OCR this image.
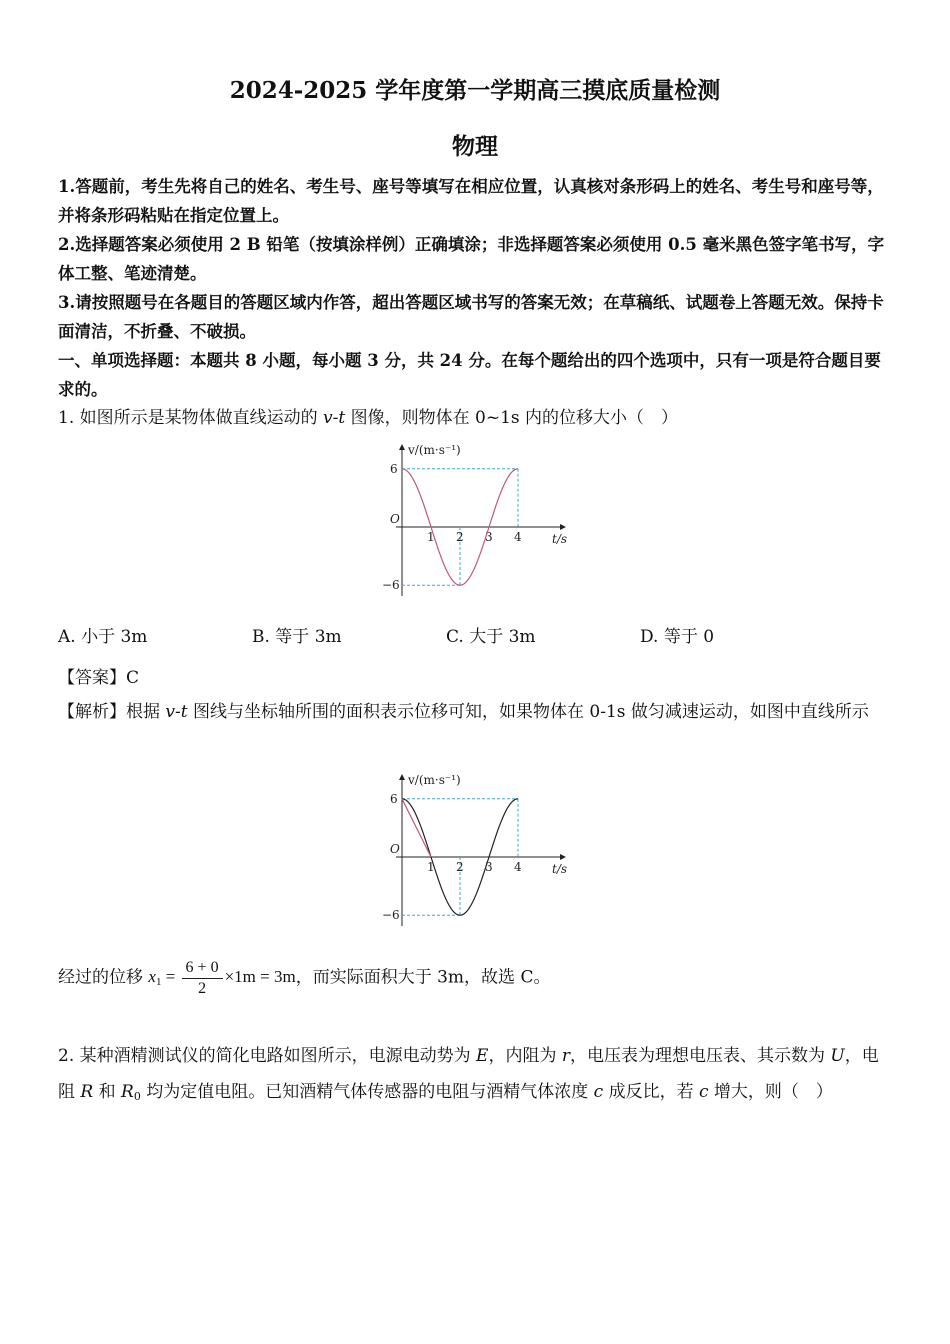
2024-2025 学年度第一学期高三摸底质量检测
物理

1.答题前，考生先将自己的姓名、考生号、座号等填写在相应位置，认真核对条形码上的姓名、考生号和座号等，并将条形码粘贴在指定位置上。

2.选择题答案必须使用 2 B 铅笔（按填涂样例）正确填涂；非选择题答案必须使用 0.5 毫米黑色签字笔书写，字体工整、笔迹清楚。

3.请按照题号在各题目的答题区域内作答，超出答题区域书写的答案无效；在草稿纸、试题卷上答题无效。保持卡面清洁，不折叠、不破损。

一、单项选择题：本题共 8 小题，每小题 3 分，共 24 分。在每个题给出的四个选项中，只有一项是符合题目要求的。

1. 如图所示是某物体做直线运动的 v-t 图像，则物体在 0~1s 内的位移大小（　）

v/(m·s⁻¹)
t/s
O
1 2 3 4
6
−6
A. 小于 3m	B. 等于 3m	C. 大于 3m	D. 等于 0

【答案】C

【解析】根据 v-t 图线与坐标轴所围的面积表示位移可知，如果物体在 0-1s 做匀减速运动，如图中直线所示

v/(m·s⁻¹)
t/s
O
1 2 3 4
6
−6

经过的位移 $x_1 = \frac{6 + 0}{2} \times 1m = 3m$，而实际面积大于 3m，故选 C。

2. 某种酒精测试仪的简化电路如图所示，电源电动势为 E，内阻为 r，电压表为理想电压表、其示数为 U，电阻 R 和 $R_0$ 均为定值电阻。已知酒精气体传感器的电阻与酒精气体浓度 c 成反比，若 c 增大，则（　）
